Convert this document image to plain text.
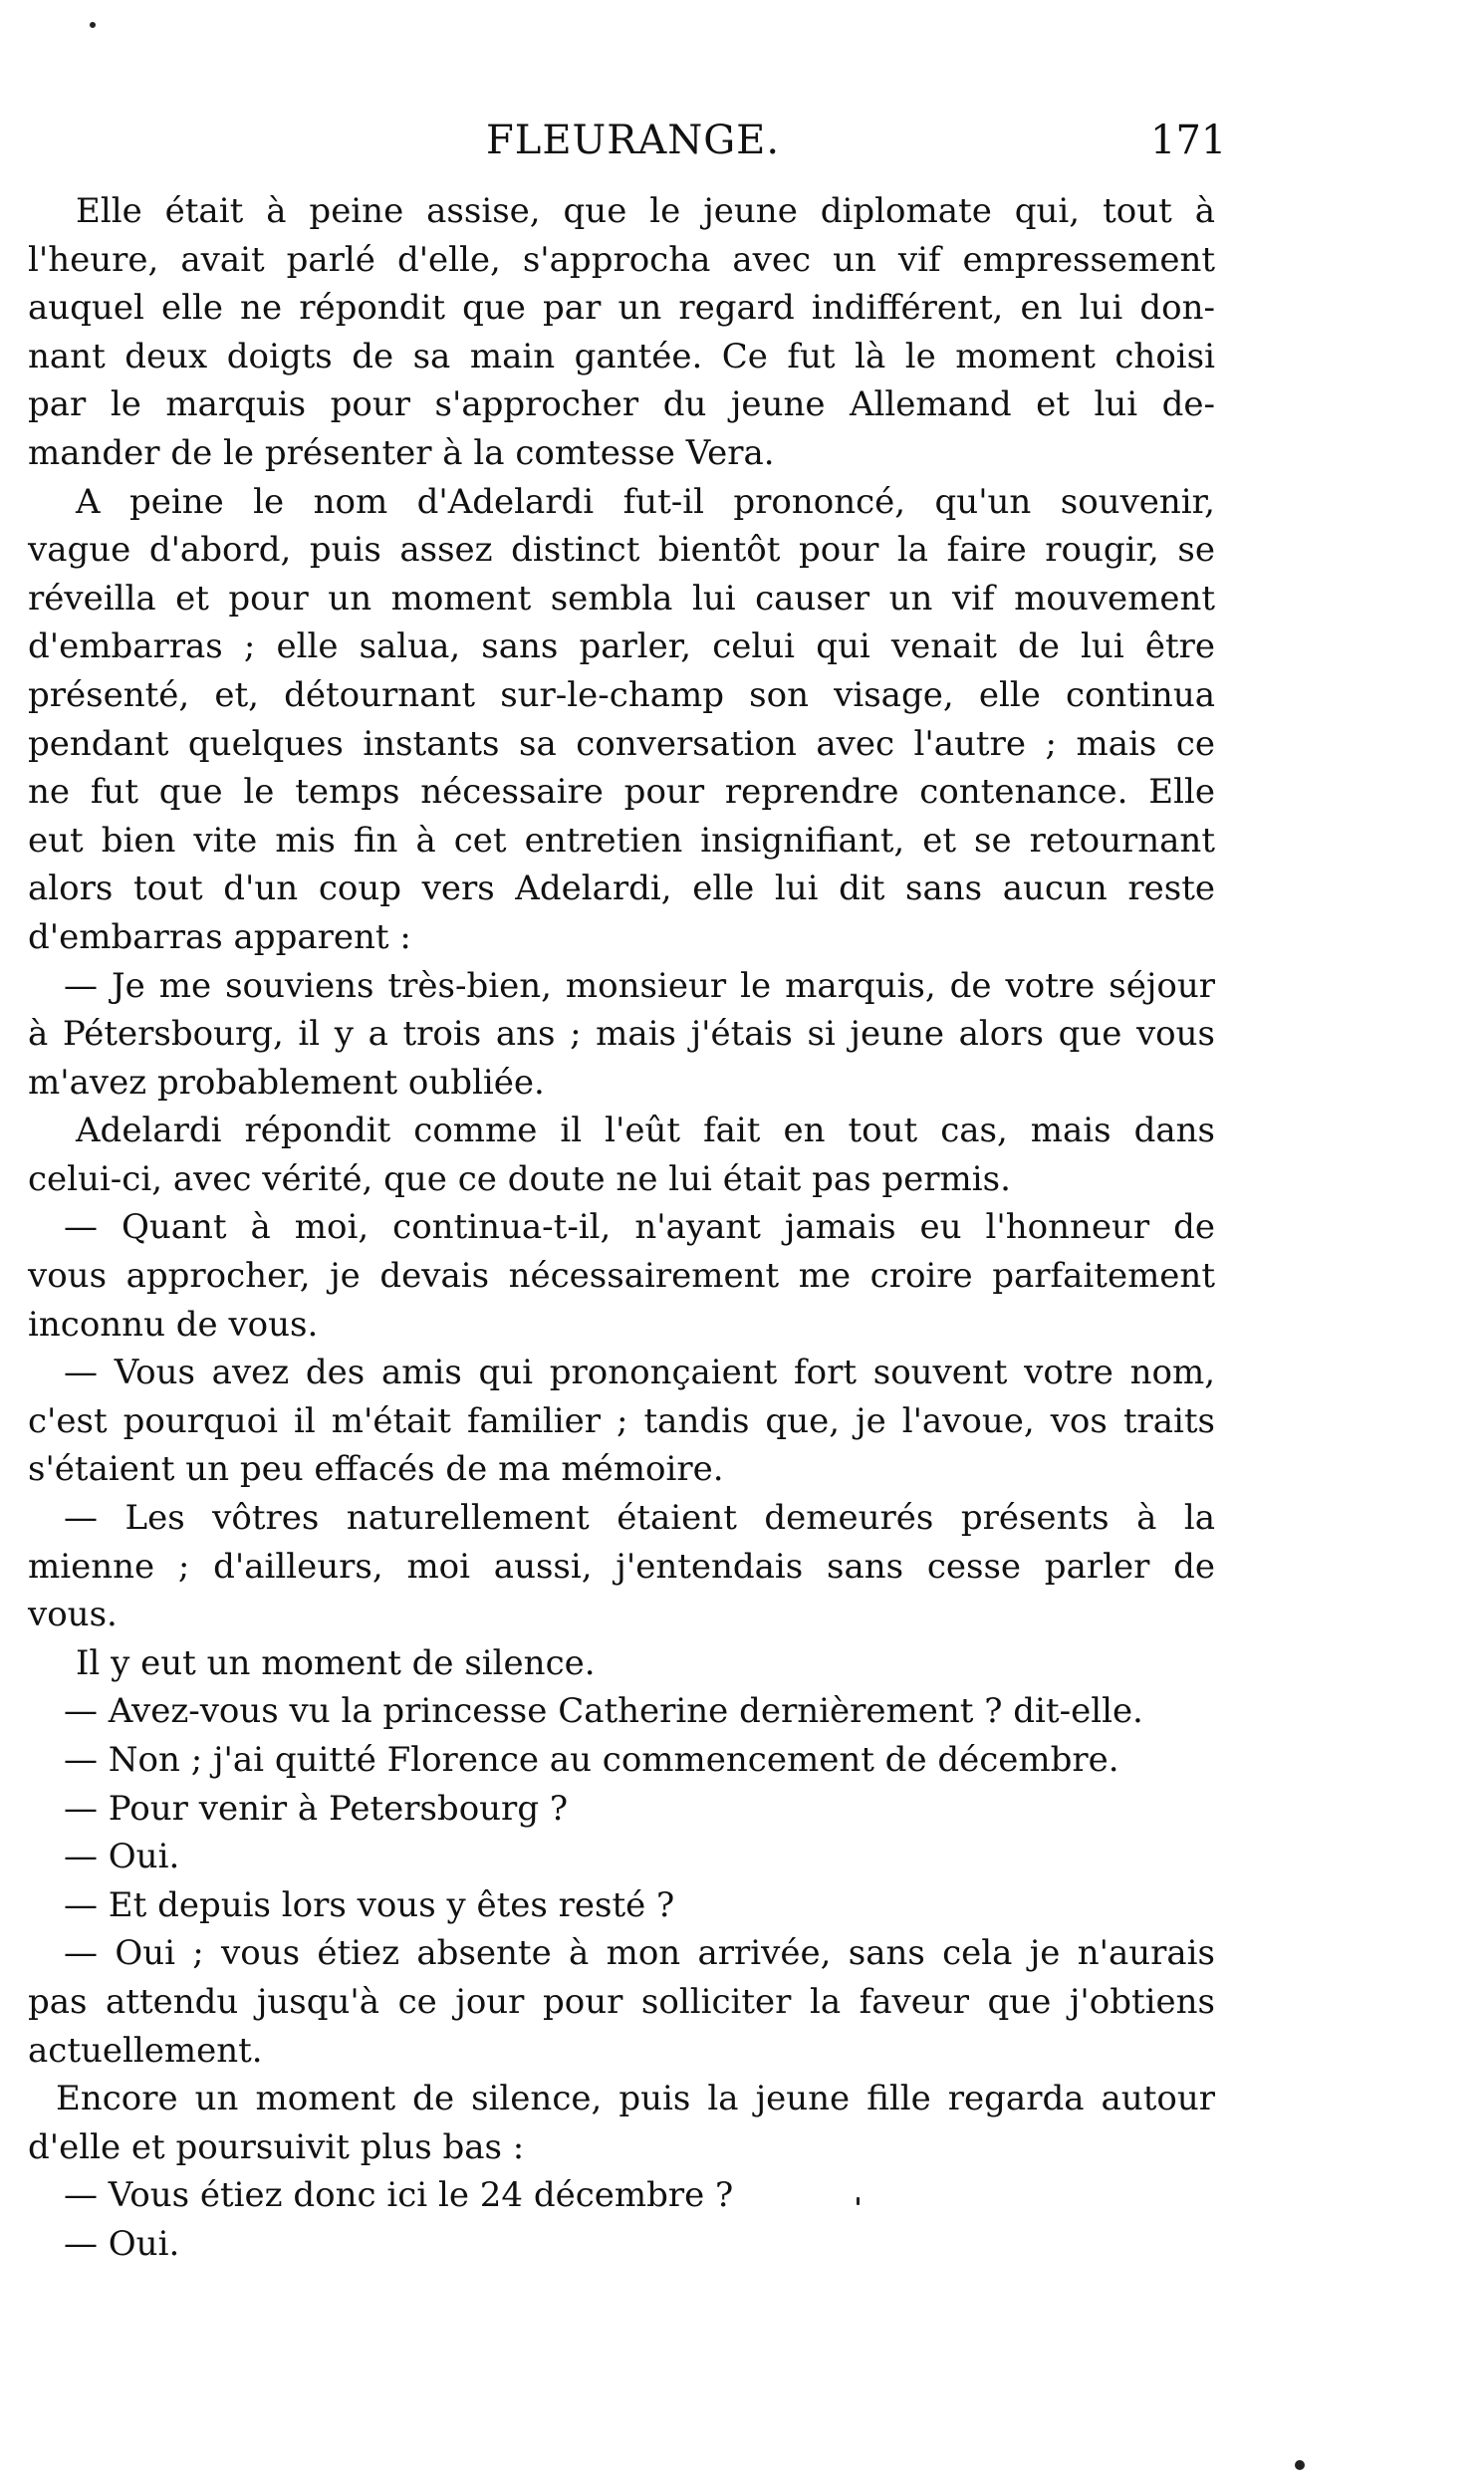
FLEURANGE.	171
Elle était à peine assise, que le jeune diplomate qui, tout à
l'heure, avait parlé d'elle, s'approcha avec un vif empressement
auquel elle ne répondit que par un regard indifférent, en lui don-
nant deux doigts de sa main gantée. Ce fut là le moment choisi
par le marquis pour s'approcher du jeune Allemand et lui de-
mander de le présenter à la comtesse Vera.
A peine le nom d'Adelardi fut-il prononcé, qu'un souvenir,
vague d'abord, puis assez distinct bientôt pour la faire rougir, se
réveilla et pour un moment sembla lui causer un vif mouvement
d'embarras ; elle salua, sans parler, celui qui venait de lui être
présenté, et, détournant sur-le-champ son visage, elle continua
pendant quelques instants sa conversation avec l'autre ; mais ce
ne fut que le temps nécessaire pour reprendre contenance. Elle
eut bien vite mis fin à cet entretien insignifiant, et se retournant
alors tout d'un coup vers Adelardi, elle lui dit sans aucun reste
d'embarras apparent :
— Je me souviens très-bien, monsieur le marquis, de votre séjour
à Pétersbourg, il y a trois ans ; mais j'étais si jeune alors que vous
m'avez probablement oubliée.
Adelardi répondit comme il l'eût fait en tout cas, mais dans
celui-ci, avec vérité, que ce doute ne lui était pas permis.
— Quant à moi, continua-t-il, n'ayant jamais eu l'honneur de
vous approcher, je devais nécessairement me croire parfaitement
inconnu de vous.
— Vous avez des amis qui prononçaient fort souvent votre nom,
c'est pourquoi il m'était familier ; tandis que, je l'avoue, vos traits
s'étaient un peu effacés de ma mémoire.
— Les vôtres naturellement étaient demeurés présents à la
mienne ; d'ailleurs, moi aussi, j'entendais sans cesse parler de
vous.
Il y eut un moment de silence.
— Avez-vous vu la princesse Catherine dernièrement ? dit-elle.
— Non ; j'ai quitté Florence au commencement de décembre.
— Pour venir à Petersbourg ?
— Oui.
— Et depuis lors vous y êtes resté ?
— Oui ; vous étiez absente à mon arrivée, sans cela je n'aurais
pas attendu jusqu'à ce jour pour solliciter la faveur que j'obtiens
actuellement.
Encore un moment de silence, puis la jeune fille regarda autour
d'elle et poursuivit plus bas :
— Vous étiez donc ici le 24 décembre ?
— Oui.
